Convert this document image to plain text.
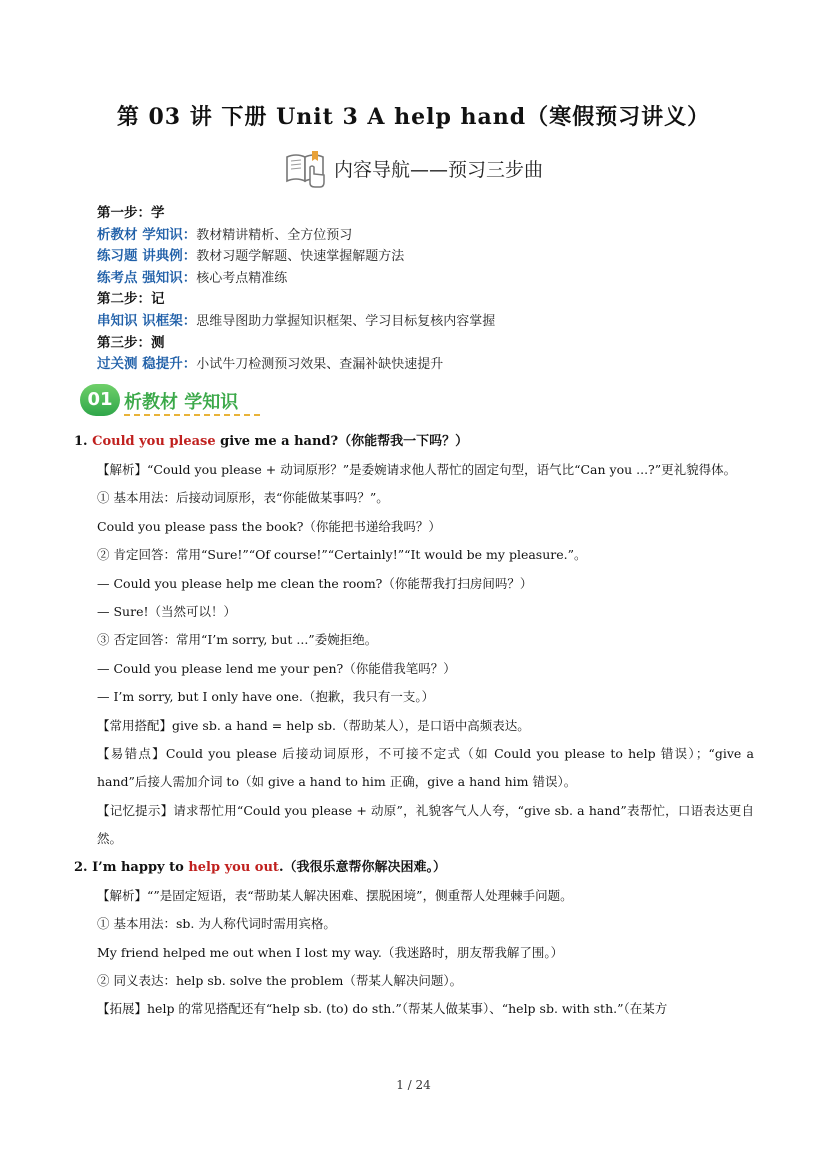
第 03 讲 下册 Unit 3 A help hand（寒假预习讲义）
内容导航——预习三步曲
第一步：学
析教材 学知识：教材精讲精析、全方位预习
练习题 讲典例：教材习题学解题、快速掌握解题方法
练考点 强知识：核心考点精准练
第二步：记
串知识 识框架：思维导图助力掌握知识框架、学习目标复核内容掌握
第三步：测
过关测 稳提升：小试牛刀检测预习效果、查漏补缺快速提升
01 析教材 学知识
1. Could you please give me a hand?（你能帮我一下吗？）
【解析】“Could you please + 动词原形？”是委婉请求他人帮忙的固定句型，语气比“Can you ...?”更礼貌得体。
① 基本用法：后接动词原形，表“你能做某事吗？”。
Could you please pass the book?（你能把书递给我吗？）
② 肯定回答：常用“Sure!”“Of course!”“Certainly!”“It would be my pleasure.”。
— Could you please help me clean the room?（你能帮我打扫房间吗？）
— Sure!（当然可以！）
③ 否定回答：常用“I’m sorry, but ...”委婉拒绝。
— Could you please lend me your pen?（你能借我笔吗？）
— I’m sorry, but I only have one.（抱歉，我只有一支。）
【常用搭配】give sb. a hand = help sb.（帮助某人），是口语中高频表达。
【易错点】Could you please 后接动词原形，不可接不定式（如 Could you please to help 错误）；“give a hand”后接人需加介词 to（如 give a hand to him 正确，give a hand him 错误）。
【记忆提示】请求帮忙用“Could you please + 动原”，礼貌客气人人夸，“give sb. a hand”表帮忙，口语表达更自然。
2. I’m happy to help you out.（我很乐意帮你解决困难。）
【解析】“”是固定短语，表“帮助某人解决困难、摆脱困境”，侧重帮人处理棘手问题。
① 基本用法：sb. 为人称代词时需用宾格。
My friend helped me out when I lost my way.（我迷路时，朋友帮我解了围。）
② 同义表达：help sb. solve the problem（帮某人解决问题）。
【拓展】help 的常见搭配还有“help sb. (to) do sth.”（帮某人做某事）、“help sb. with sth.”（在某方
1 / 24
